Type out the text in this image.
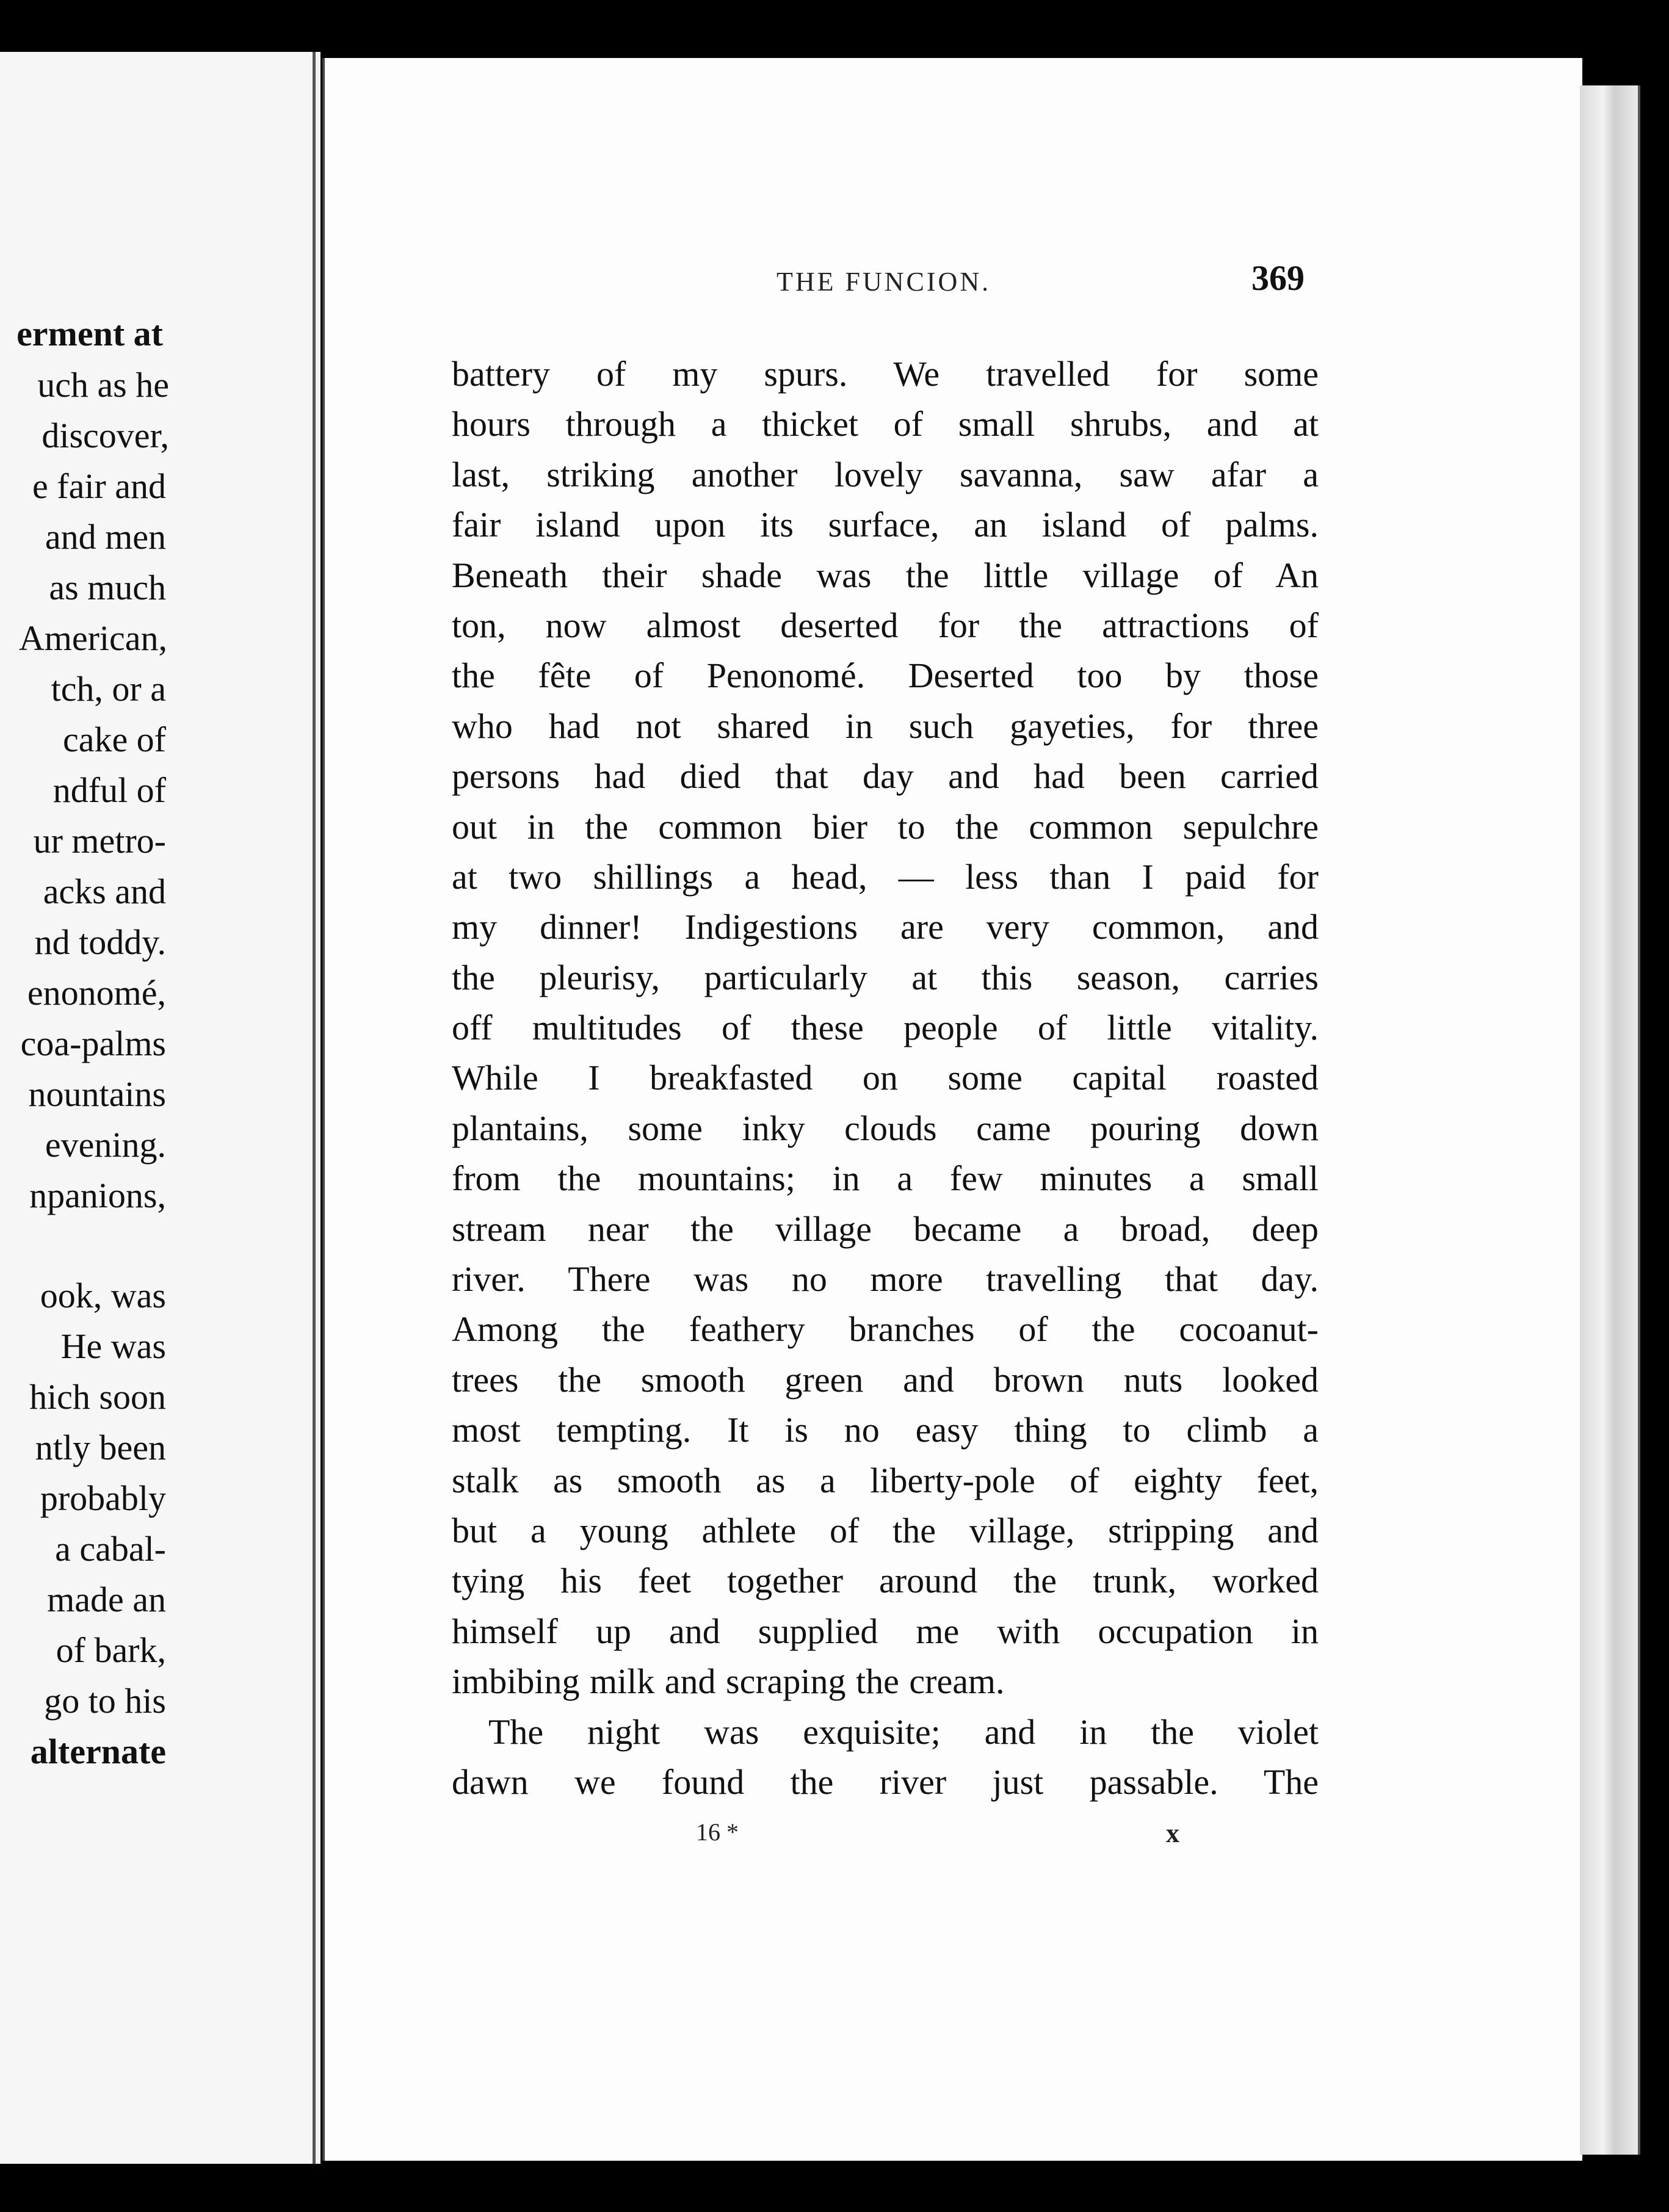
erment at
uch as he
discover,
e fair and
and men
as much
American,
tch, or a
cake of
ndful of
ur metro-
acks and
nd toddy.
enonomé,
coa-palms
nountains
evening.
npanions,
ook, was
He was
hich soon
ntly been
probably
a cabal-
made an
of bark,
go to his
alternate
THE FUNCION.	369
battery of my spurs. We travelled for some
hours through a thicket of small shrubs, and at
last, striking another lovely savanna, saw afar a
fair island upon its surface, an island of palms.
Beneath their shade was the little village of An
ton, now almost deserted for the attractions of
the fête of Penonomé. Deserted too by those
who had not shared in such gayeties, for three
persons had died that day and had been carried
out in the common bier to the common sepulchre
at two shillings a head, — less than I paid for
my dinner! Indigestions are very common, and
the pleurisy, particularly at this season, carries
off multitudes of these people of little vitality.
While I breakfasted on some capital roasted
plantains, some inky clouds came pouring down
from the mountains; in a few minutes a small
stream near the village became a broad, deep
river. There was no more travelling that day.
Among the feathery branches of the cocoanut-
trees the smooth green and brown nuts looked
most tempting. It is no easy thing to climb a
stalk as smooth as a liberty-pole of eighty feet,
but a young athlete of the village, stripping and
tying his feet together around the trunk, worked
himself up and supplied me with occupation in
imbibing milk and scraping the cream.
The night was exquisite; and in the violet
dawn we found the river just passable. The
16 *	x
